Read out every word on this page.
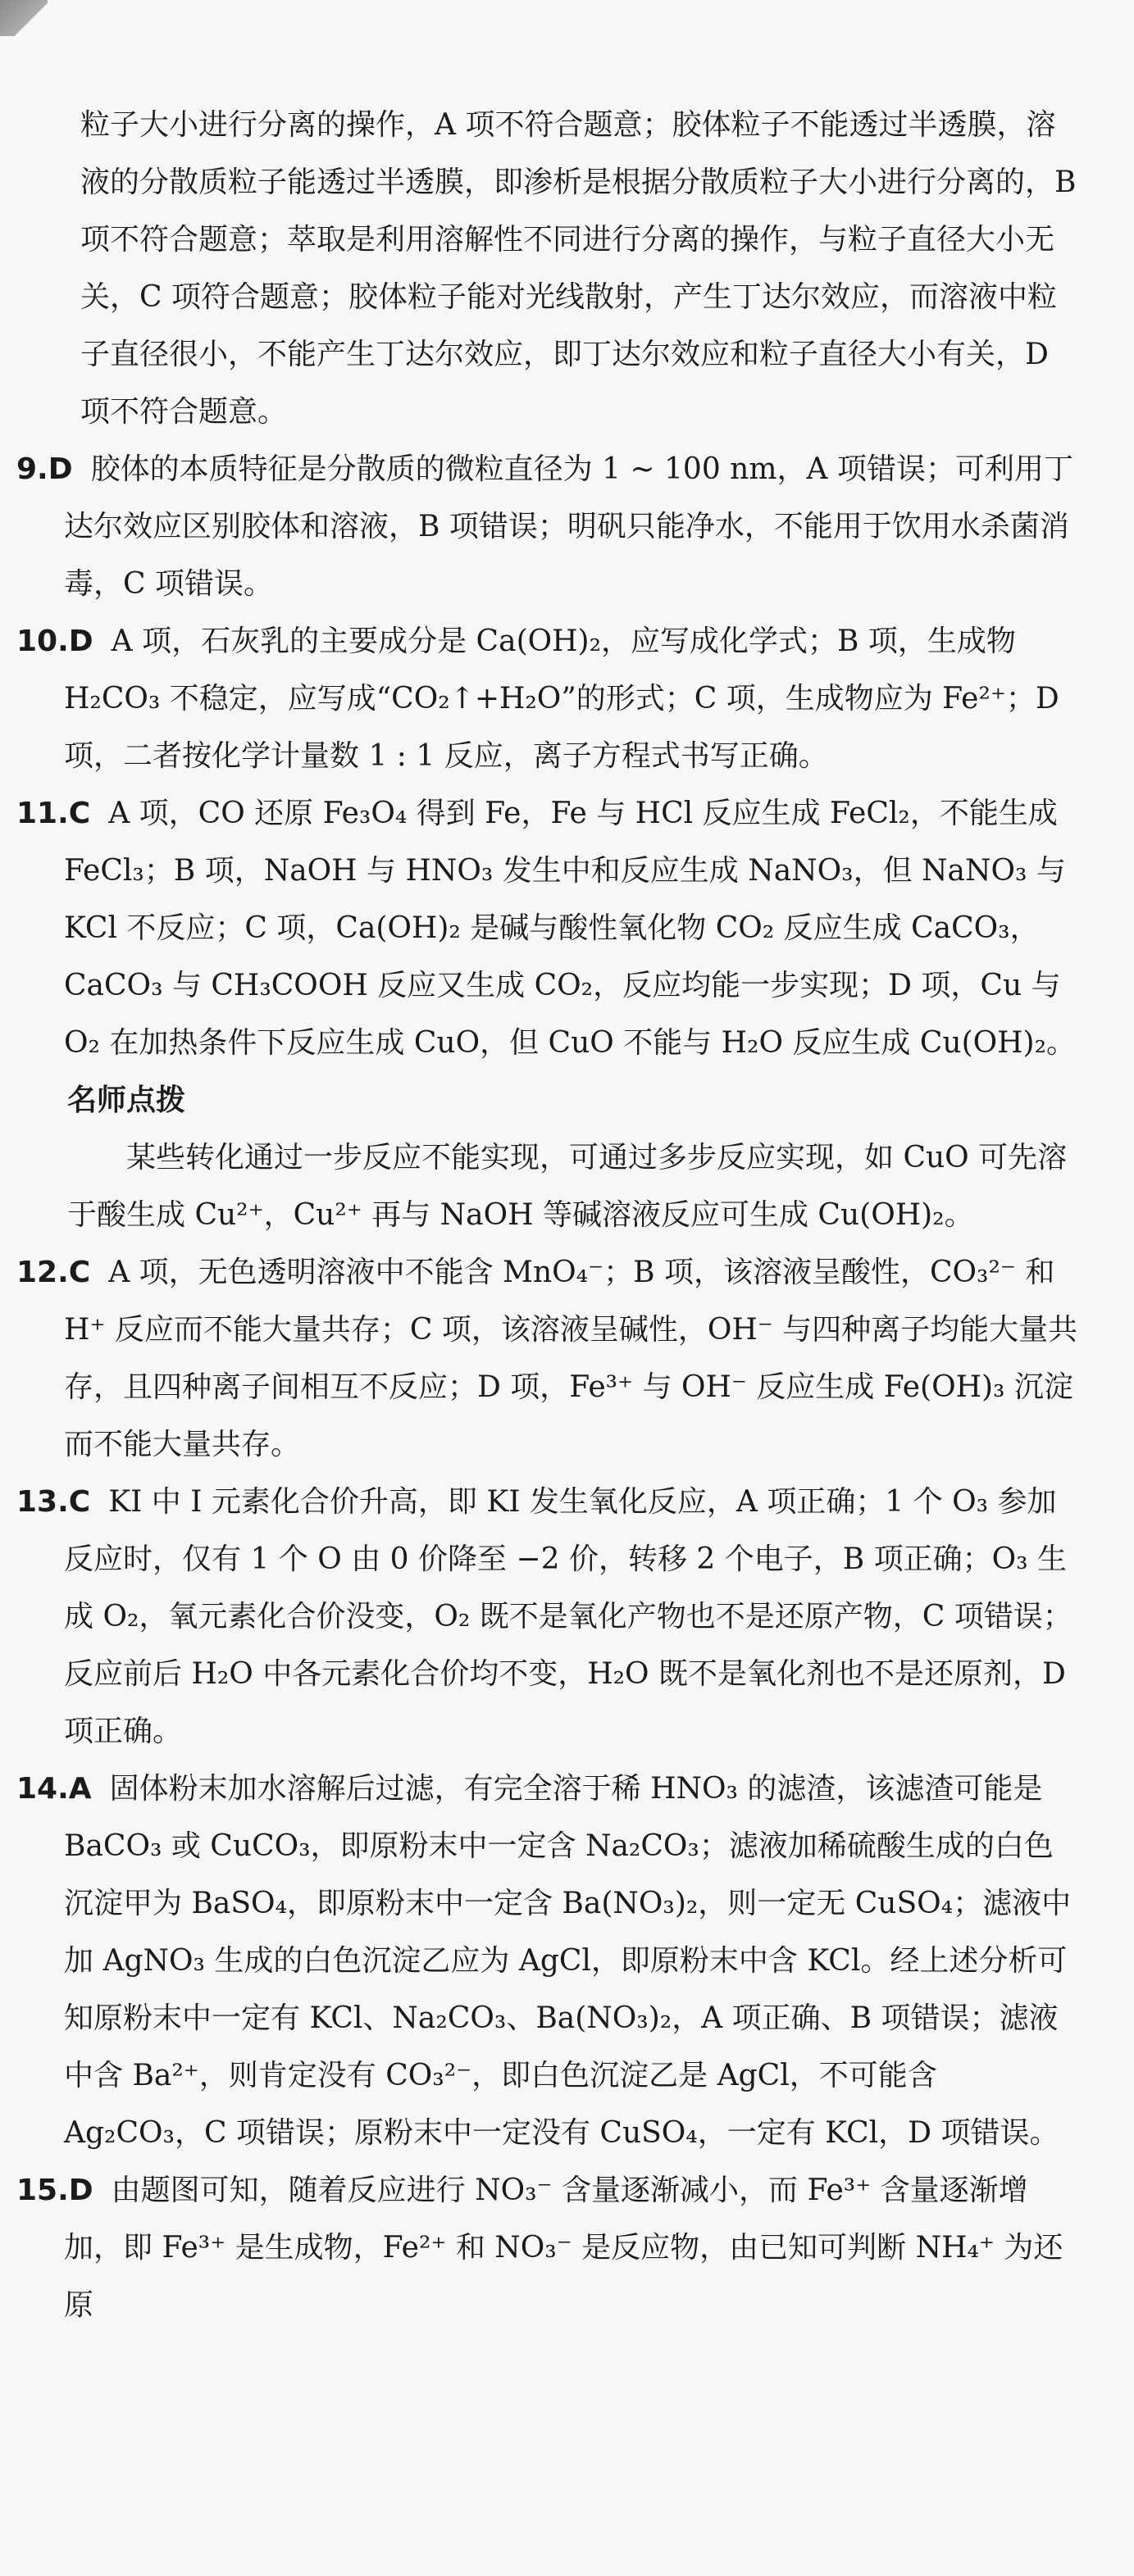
粒子大小进行分离的操作，A 项不符合题意；胶体粒子不能透过半透膜，溶液的分散质粒子能透过半透膜，即渗析是根据分散质粒子大小进行分离的，B 项不符合题意；萃取是利用溶解性不同进行分离的操作，与粒子直径大小无关，C 项符合题意；胶体粒子能对光线散射，产生丁达尔效应，而溶液中粒子直径很小，不能产生丁达尔效应，即丁达尔效应和粒子直径大小有关，D 项不符合题意。

9.D 胶体的本质特征是分散质的微粒直径为 1 ~ 100 nm，A 项错误；可利用丁达尔效应区别胶体和溶液，B 项错误；明矾只能净水，不能用于饮用水杀菌消毒，C 项错误。

10.D A 项，石灰乳的主要成分是 Ca(OH)₂，应写成化学式；B 项，生成物 H₂CO₃ 不稳定，应写成“CO₂↑+H₂O”的形式；C 项，生成物应为 Fe²⁺；D 项，二者按化学计量数 1 : 1 反应，离子方程式书写正确。

11.C A 项，CO 还原 Fe₃O₄ 得到 Fe，Fe 与 HCl 反应生成 FeCl₂，不能生成 FeCl₃；B 项，NaOH 与 HNO₃ 发生中和反应生成 NaNO₃，但 NaNO₃ 与 KCl 不反应；C 项，Ca(OH)₂ 是碱与酸性氧化物 CO₂ 反应生成 CaCO₃，CaCO₃ 与 CH₃COOH 反应又生成 CO₂，反应均能一步实现；D 项，Cu 与 O₂ 在加热条件下反应生成 CuO，但 CuO 不能与 H₂O 反应生成 Cu(OH)₂。

名师点拨

某些转化通过一步反应不能实现，可通过多步反应实现，如 CuO 可先溶于酸生成 Cu²⁺，Cu²⁺ 再与 NaOH 等碱溶液反应可生成 Cu(OH)₂。

12.C A 项，无色透明溶液中不能含 MnO₄⁻；B 项，该溶液呈酸性，CO₃²⁻ 和 H⁺ 反应而不能大量共存；C 项，该溶液呈碱性，OH⁻ 与四种离子均能大量共存，且四种离子间相互不反应；D 项，Fe³⁺ 与 OH⁻ 反应生成 Fe(OH)₃ 沉淀而不能大量共存。

13.C KI 中 I 元素化合价升高，即 KI 发生氧化反应，A 项正确；1 个 O₃ 参加反应时，仅有 1 个 O 由 0 价降至 −2 价，转移 2 个电子，B 项正确；O₃ 生成 O₂，氧元素化合价没变，O₂ 既不是氧化产物也不是还原产物，C 项错误；反应前后 H₂O 中各元素化合价均不变，H₂O 既不是氧化剂也不是还原剂，D 项正确。

14.A 固体粉末加水溶解后过滤，有完全溶于稀 HNO₃ 的滤渣，该滤渣可能是 BaCO₃ 或 CuCO₃，即原粉末中一定含 Na₂CO₃；滤液加稀硫酸生成的白色沉淀甲为 BaSO₄，即原粉末中一定含 Ba(NO₃)₂，则一定无 CuSO₄；滤液中加 AgNO₃ 生成的白色沉淀乙应为 AgCl，即原粉末中含 KCl。经上述分析可知原粉末中一定有 KCl、Na₂CO₃、Ba(NO₃)₂，A 项正确、B 项错误；滤液中含 Ba²⁺，则肯定没有 CO₃²⁻，即白色沉淀乙是 AgCl，不可能含 Ag₂CO₃，C 项错误；原粉末中一定没有 CuSO₄，一定有 KCl，D 项错误。

15.D 由题图可知，随着反应进行 NO₃⁻ 含量逐渐减小，而 Fe³⁺ 含量逐渐增加，即 Fe³⁺ 是生成物，Fe²⁺ 和 NO₃⁻ 是反应物，由已知可判断 NH₄⁺ 为还原
